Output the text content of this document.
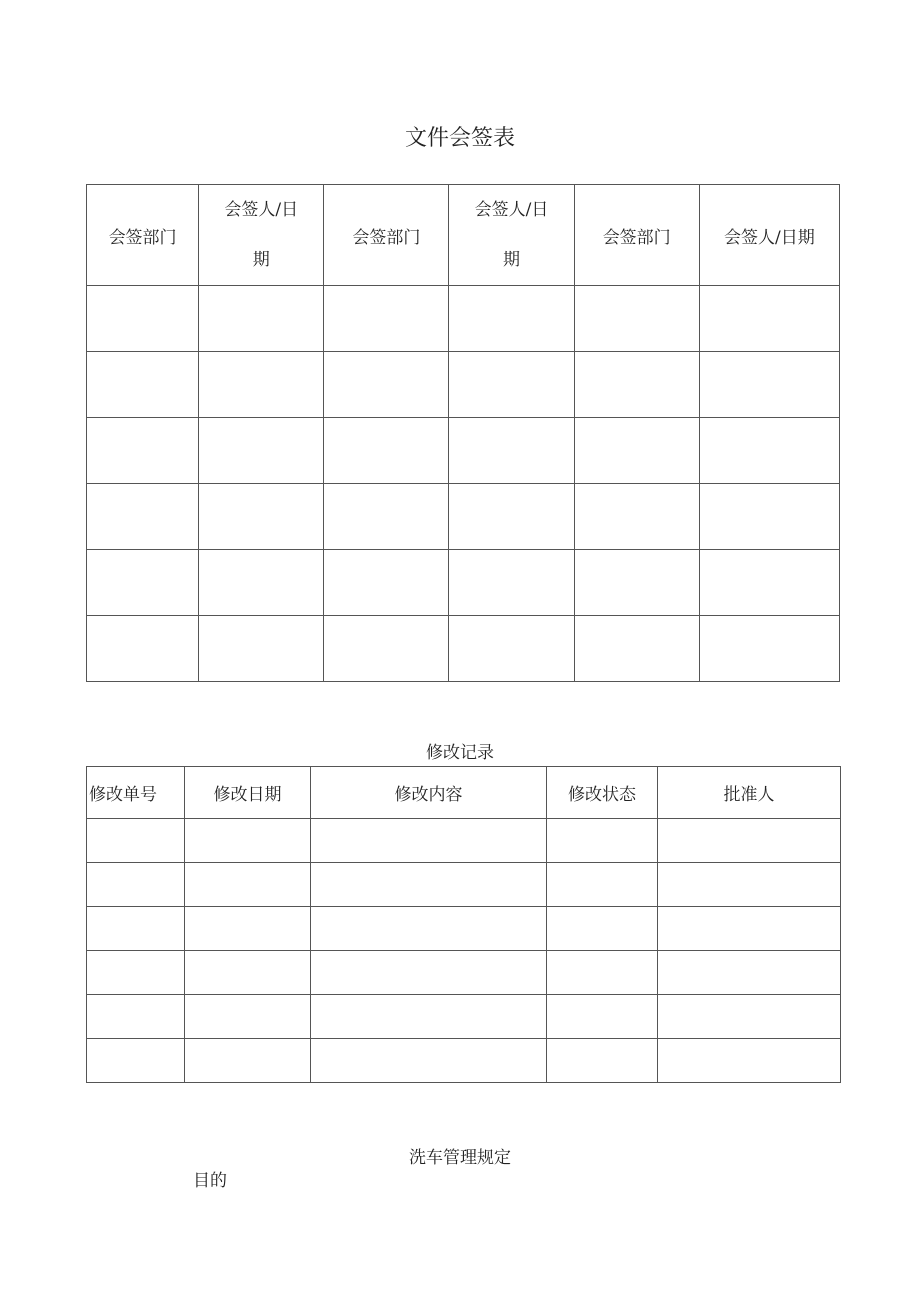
文件会签表
会签部门	会签人/日期	会签部门	会签人/日期	会签部门	会签人/日期

修改记录
修改单号	修改日期	修改内容	修改状态	批准人

洗车管理规定
目的
